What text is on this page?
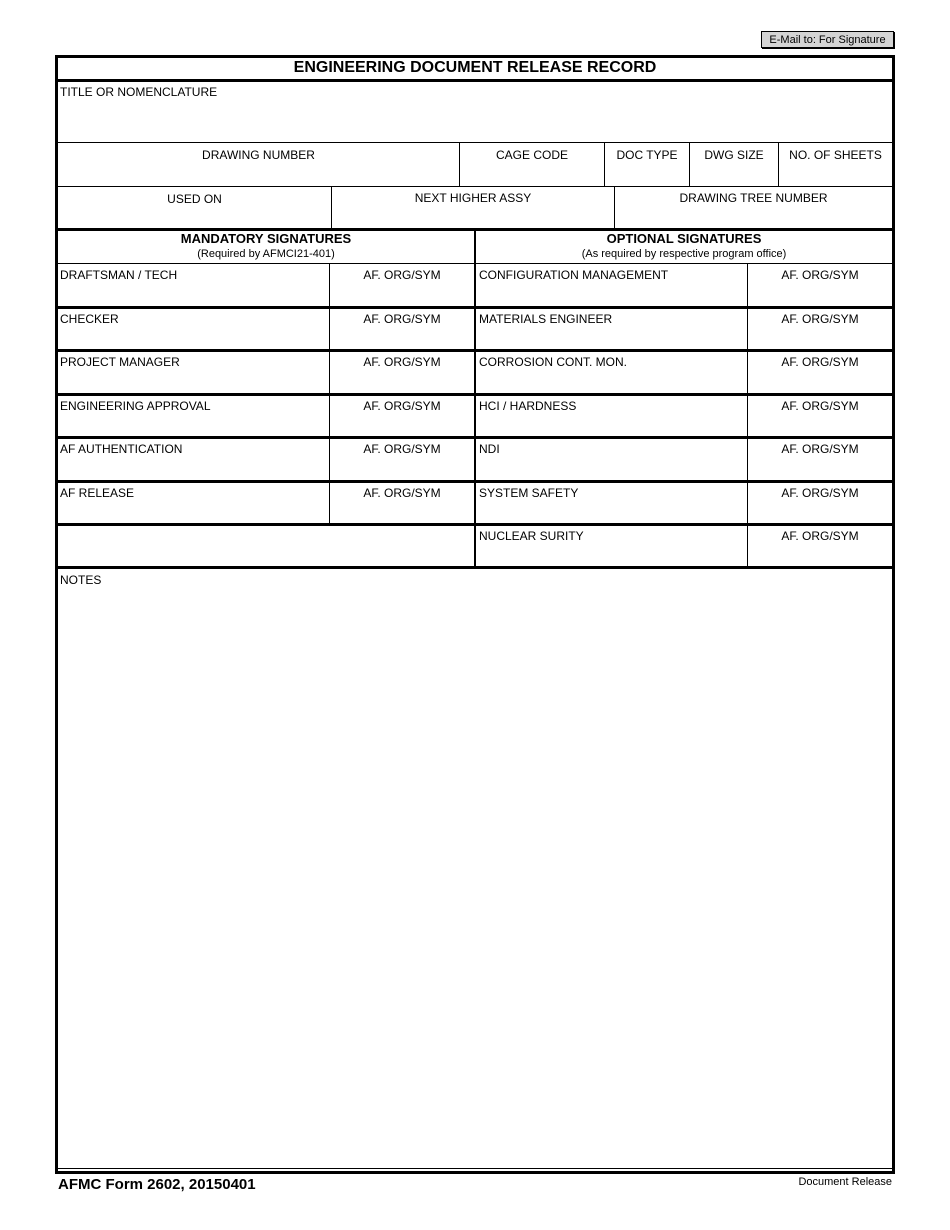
E-Mail to: For Signature
ENGINEERING DOCUMENT RELEASE RECORD
TITLE OR NOMENCLATURE
DRAWING NUMBER	CAGE CODE	DOC TYPE	DWG SIZE	NO. OF SHEETS
USED ON	NEXT HIGHER ASSY	DRAWING TREE NUMBER
MANDATORY SIGNATURES
(Required by AFMCI21-401)
OPTIONAL SIGNATURES
(As required by respective program office)
DRAFTSMAN / TECH	AF. ORG/SYM
CHECKER	AF. ORG/SYM
PROJECT MANAGER	AF. ORG/SYM
ENGINEERING APPROVAL	AF. ORG/SYM
AF AUTHENTICATION	AF. ORG/SYM
AF RELEASE	AF. ORG/SYM
CONFIGURATION MANAGEMENT	AF. ORG/SYM
MATERIALS ENGINEER	AF. ORG/SYM
CORROSION CONT. MON.	AF. ORG/SYM
HCI / HARDNESS	AF. ORG/SYM
NDI	AF. ORG/SYM
SYSTEM SAFETY	AF. ORG/SYM
NUCLEAR SURITY	AF. ORG/SYM
NOTES
AFMC Form 2602, 20150401	Document Release
